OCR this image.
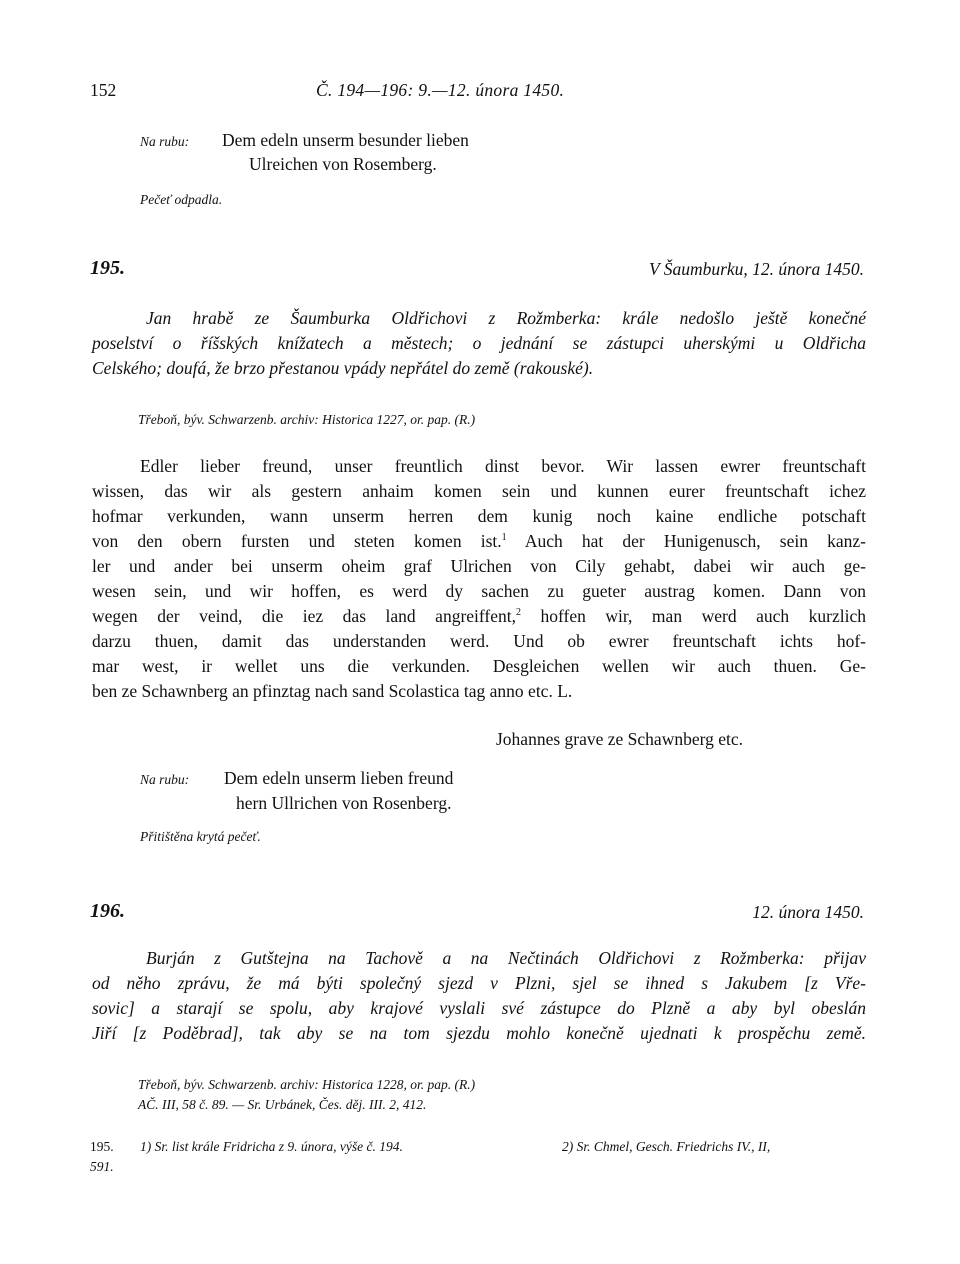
152	Č. 194—196: 9.—12. února 1450.
Na rubu: Dem edeln unserm besunder lieben
Ulreichen von Rosemberg.
Pečeť odpadla.
195.	V Šaumburku, 12. února 1450.
Jan hrabě ze Šaumburka Oldřichovi z Rožmberka: krále nedošlo ještě konečné
poselství o říšských knížatech a městech; o jednání se zástupci uherskými u Oldřicha
Celského; doufá, že brzo přestanou vpády nepřátel do země (rakouské).
Třeboň, býv. Schwarzenb. archiv: Historica 1227, or. pap. (R.)
Edler lieber freund, unser freuntlich dinst bevor. Wir lassen ewrer freuntschaft
wissen, das wir als gestern anhaim komen sein und kunnen eurer freuntschaft ichez
hofmar verkunden, wann unserm herren dem kunig noch kaine endliche potschaft
von den obern fursten und steten komen ist.$^1$ Auch hat der Hunigenusch, sein kanz-
ler und ander bei unserm oheim graf Ulrichen von Cily gehabt, dabei wir auch ge-
wesen sein, und wir hoffen, es werd dy sachen zu gueter austrag komen. Dann von
wegen der veind, die iez das land angreiffent,$^2$ hoffen wir, man werd auch kurzlich
darzu thuen, damit das understanden werd. Und ob ewrer freuntschaft ichts hof-
mar west, ir wellet uns die verkunden. Desgleichen wellen wir auch thuen. Ge-
ben ze Schawnberg an pfinztag nach sand Scolastica tag anno etc. L.
Johannes grave ze Schawnberg etc.
Na rubu: Dem edeln unserm lieben freund
hern Ullrichen von Rosenberg.
Přitištěna krytá pečeť.
196.	12. února 1450.
Burján z Gutštejna na Tachově a na Nečtinách Oldřichovi z Rožmberka: přijav
od něho zprávu, že má býti společný sjezd v Plzni, sjel se ihned s Jakubem [z Vře-
sovic] a starají se spolu, aby krajové vyslali své zástupce do Plzně a aby byl obeslán
Jiří [z Poděbrad], tak aby se na tom sjezdu mohlo konečně ujednati k prospěchu země.
Třeboň, býv. Schwarzenb. archiv: Historica 1228, or. pap. (R.)
AČ. III, 58 č. 89. — Sr. Urbánek, Čes. děj. III. 2, 412.
195. 1) Sr. list krále Fridricha z 9. února, výše č. 194.	2) Sr. Chmel, Gesch. Friedrichs IV., II,
591.
